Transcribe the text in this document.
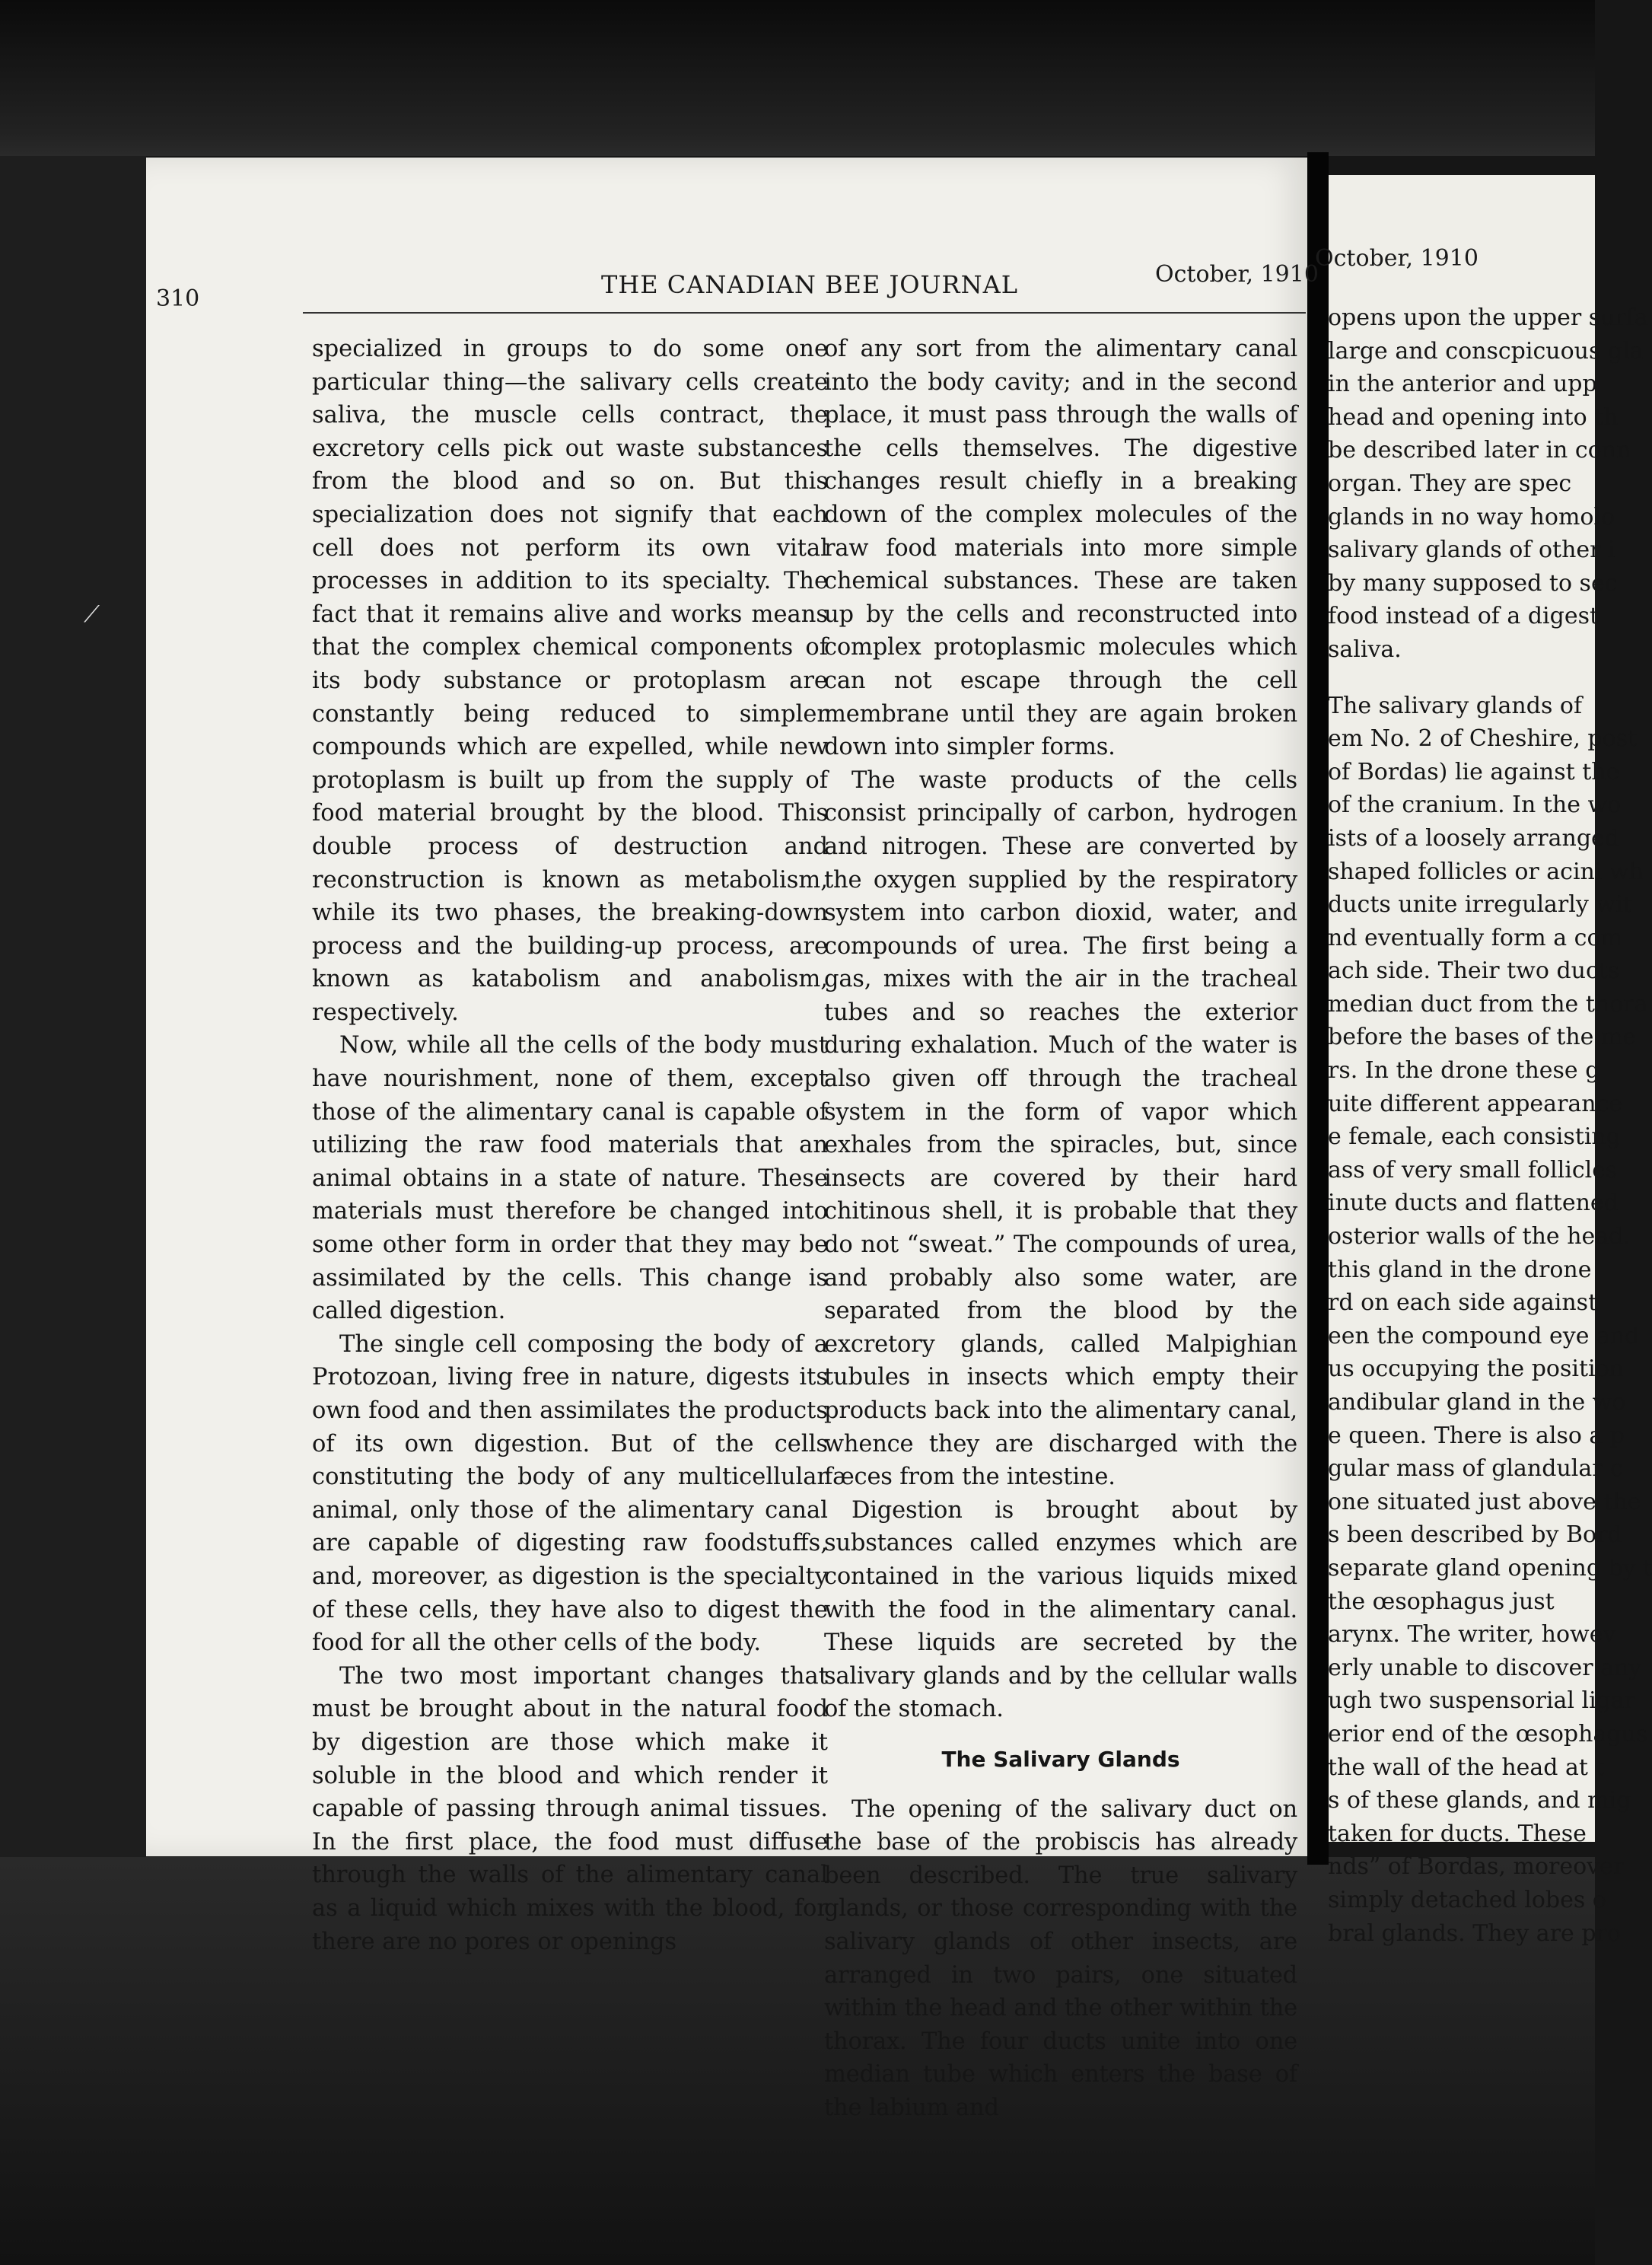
⟋
310	THE CANADIAN BEE JOURNAL	October, 1910

specialized in groups to do some one particular thing—the salivary cells create saliva, the muscle cells contract, the excretory cells pick out waste substances from the blood and so on. But this specialization does not signify that each cell does not perform its own vital processes in addition to its specialty. The fact that it remains alive and works means that the complex chemical components of its body substance or protoplasm are constantly being reduced to simpler compounds which are expelled, while new protoplasm is built up from the supply of food material brought by the blood. This double process of destruction and reconstruction is known as metabolism, while its two phases, the breaking-down process and the building-up process, are known as katabolism and anabolism, respectively.

Now, while all the cells of the body must have nourishment, none of them, except those of the alimentary canal is capable of utilizing the raw food materials that an animal obtains in a state of nature. These materials must therefore be changed into some other form in order that they may be assimilated by the cells. This change is called digestion.

The single cell composing the body of a Protozoan, living free in nature, digests its own food and then assimilates the products of its own digestion. But of the cells constituting the body of any multicellular animal, only those of the alimentary canal are capable of digesting raw foodstuffs, and, moreover, as digestion is the specialty of these cells, they have also to digest the food for all the other cells of the body.

The two most important changes that must be brought about in the natural food by digestion are those which make it soluble in the blood and which render it capable of passing through animal tissues. In the first place, the food must diffuse through the walls of the alimentary canal as a liquid which mixes with the blood, for there are no pores or openings

of any sort from the alimentary canal into the body cavity; and in the second place, it must pass through the walls of the cells themselves. The digestive changes result chiefly in a breaking down of the complex molecules of the raw food materials into more simple chemical substances. These are taken up by the cells and reconstructed into complex protoplasmic molecules which can not escape through the cell membrane until they are again broken down into simpler forms.

The waste products of the cells consist principally of carbon, hydrogen and nitrogen. These are converted by the oxygen supplied by the respiratory system into carbon dioxid, water, and compounds of urea. The first being a gas, mixes with the air in the tracheal tubes and so reaches the exterior during exhalation. Much of the water is also given off through the tracheal system in the form of vapor which exhales from the spiracles, but, since insects are covered by their hard chitinous shell, it is probable that they do not “sweat.” The compounds of urea, and probably also some water, are separated from the blood by the excretory glands, called Malpighian tubules in insects which empty their products back into the alimentary canal, whence they are discharged with the fæces from the intestine.

Digestion is brought about by substances called enzymes which are contained in the various liquids mixed with the food in the alimentary canal. These liquids are secreted by the salivary glands and by the cellular walls of the stomach.

The Salivary Glands

The opening of the salivary duct on the base of the probiscis has already been described. The true salivary glands, or those corresponding with the salivary glands of other insects, are arranged in two pairs, one situated within the head and the other within the thorax. The four ducts unite into one median tube which enters the base of the labium and

October, 1910

opens upon the upper surfa

large and conscpicuous gla

in the anterior and upp

head and opening into th

be described later in conn

organ. They are spec

glands in no way homolo

salivary glands of other i

by many supposed to sec

food instead of a digest

saliva.

The salivary glands of

em No. 2 of Cheshire, post

of Bordas) lie against the

of the cranium. In the wo

ists of a loosely arranged

shaped follicles or acini wh

ducts unite irregularly wit

nd eventually form a com

ach side. Their two ducts

median duct from the thora

before the bases of the me

rs. In the drone these g

uite different appearance

e female, each consisting

ass of very small follicles

inute ducts and flattened

osterior walls of the head.

this gland in the drone

rd on each side against

een the compound eye and

us occupying the position

andibular gland in the wo

e queen. There is also a p

gular mass of glandular c

one situated just above the

s been described by Bord

separate gland opening by t

the œsophagus just

arynx. The writer, howev

erly unable to discover any

ugh two suspensorial ligar

erior end of the œsophagus

the wall of the head at t

s of these glands, and mig

taken for ducts. These

nds” of Bordas, moreover

simply detached lobes o

bral glands. They are pro
